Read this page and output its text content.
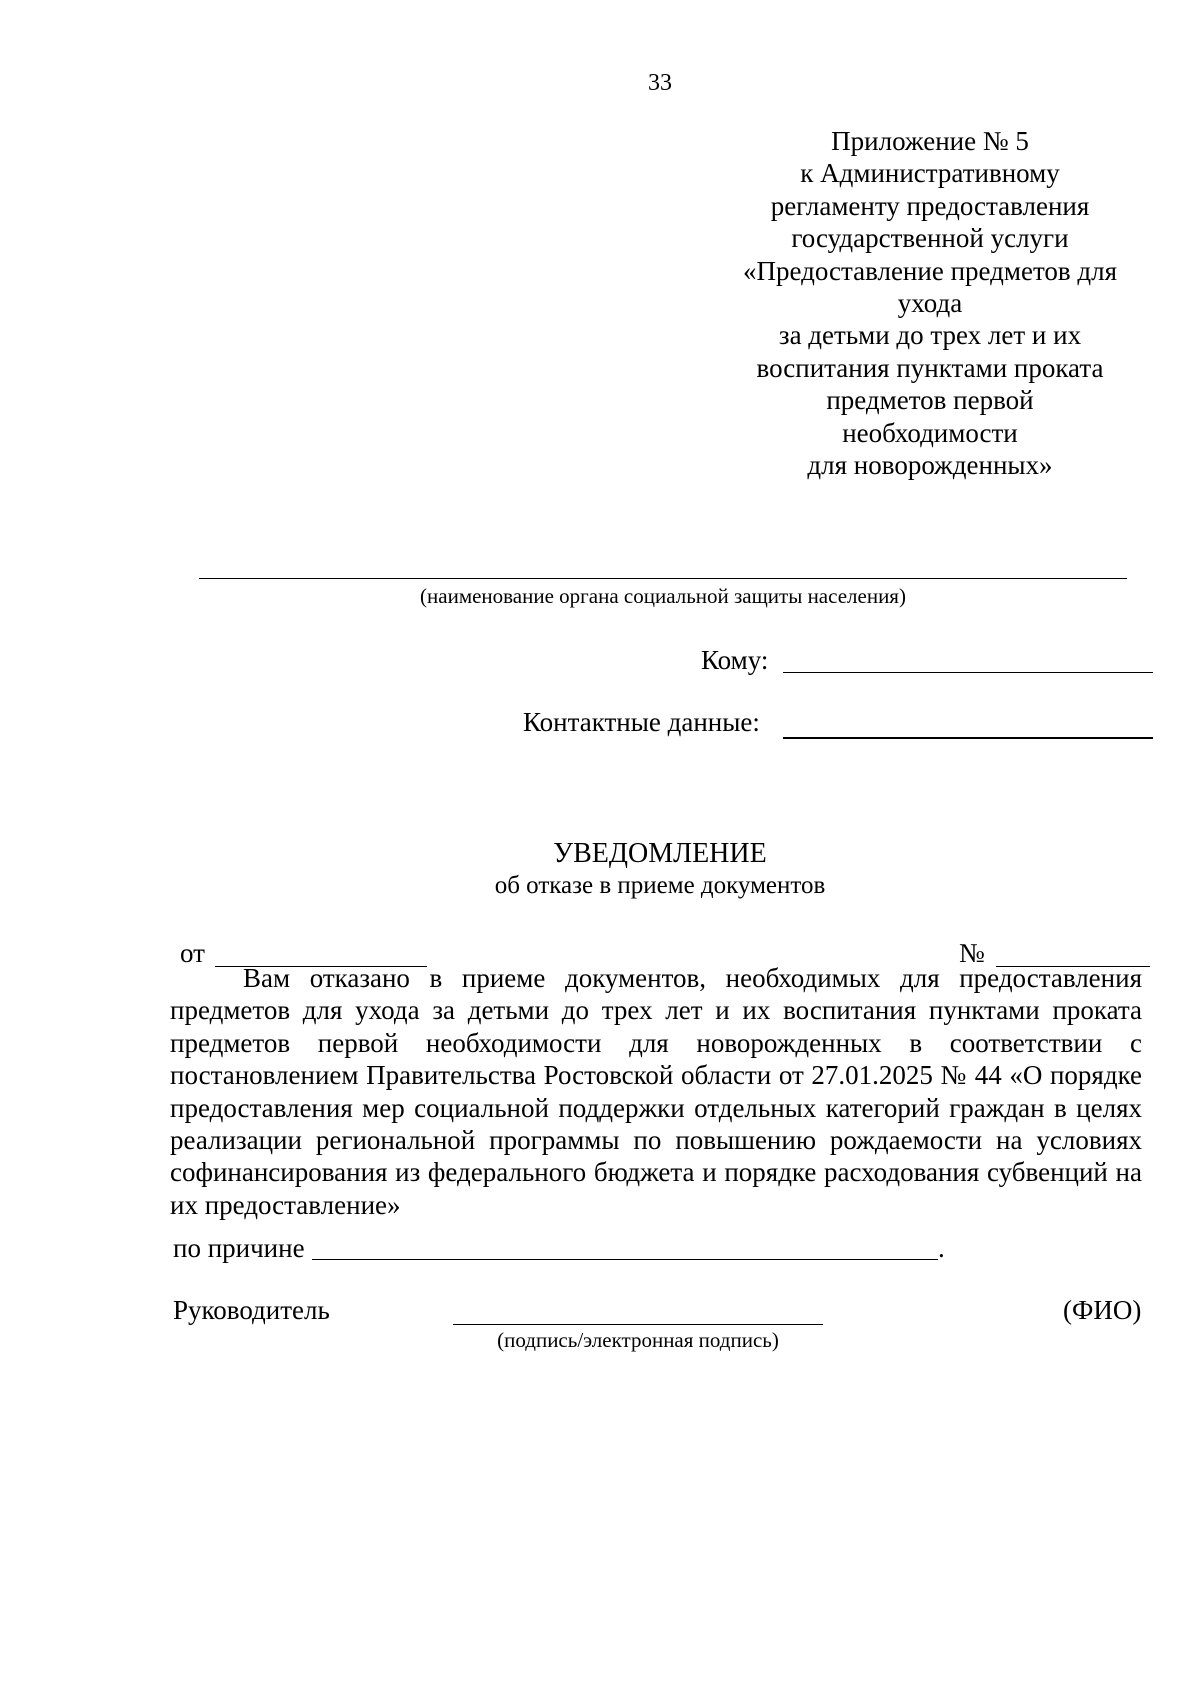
33
Приложение № 5
к Административному
регламенту предоставления
государственной услуги
«Предоставление предметов для
ухода
за детьми до трех лет и их
воспитания пунктами проката
предметов первой
необходимости
для новорожденных»
(наименование органа социальной защиты населения)
Кому:
Контактные данные:
УВЕДОМЛЕНИЕ
об отказе в приеме документов
от	№
Вам отказано в приеме документов, необходимых для предоставления предметов для ухода за детьми до трех лет и их воспитания пунктами проката предметов первой необходимости для новорожденных в соответствии с постановлением Правительства Ростовской области от 27.01.2025 № 44 «О порядке предоставления мер социальной поддержки отдельных категорий граждан в целях реализации региональной программы по повышению рождаемости на условиях софинансирования из федерального бюджета и порядке расходования субвенций на их предоставление»
по причине	.
Руководитель
(подпись/электронная подпись)
(ФИО)
